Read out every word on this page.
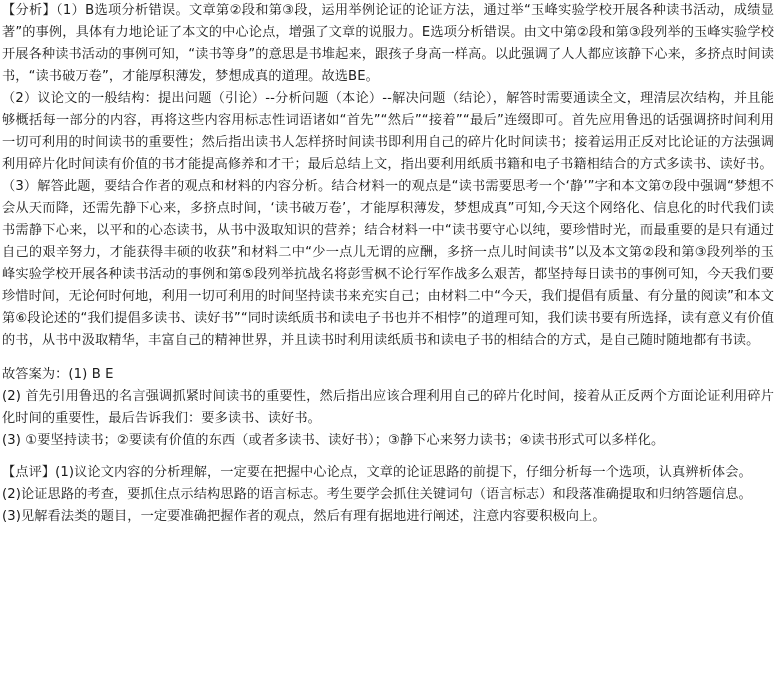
【分析】（1）B选项分析错误。文章第②段和第③段，运用举例论证的论证方法，通过举“玉峰实验学校开展各种读书活动，成绩显著”的事例，具体有力地论证了本文的中心论点，增强了文章的说服力。E选项分析错误。由文中第②段和第③段列举的玉峰实验学校开展各种读书活动的事例可知，“读书等身”的意思是书堆起来，跟孩子身高一样高。以此强调了人人都应该静下心来，多挤点时间读书，“读书破万卷”，才能厚积薄发，梦想成真的道理。故选BE。

（2）议论文的一般结构：提出问题（引论）--分析问题（本论）--解决问题（结论），解答时需要通读全文，理清层次结构，并且能够概括每一部分的内容，再将这些内容用标志性词语诸如“首先”“然后”“接着”“最后”连缀即可。首先应用鲁迅的话强调挤时间利用一切可利用的时间读书的重要性；然后指出读书人怎样挤时间读书即利用自己的碎片化时间读书；接着运用正反对比论证的方法强调利用碎片化时间读有价值的书才能提高修养和才干；最后总结上文，指出要利用纸质书籍和电子书籍相结合的方式多读书、读好书。

（3）解答此题，要结合作者的观点和材料的内容分析。结合材料一的观点是“读书需要思考一个‘静’”字和本文第⑦段中强调“梦想不会从天而降，还需先静下心来，多挤点时间，‘读书破万卷’，才能厚积薄发，梦想成真”可知,今天这个网络化、信息化的时代我们读书需静下心来，以平和的心态读书，从书中汲取知识的营养；结合材料一中“读书要守心以纯，要珍惜时光，而最重要的是只有通过自己的艰辛努力，才能获得丰硕的收获”和材料二中“少一点儿无谓的应酬，多挤一点儿时间读书”以及本文第②段和第③段列举的玉峰实验学校开展各种读书活动的事例和第⑤段列举抗战名将彭雪枫不论行军作战多么艰苦，都坚持每日读书的事例可知，今天我们要珍惜时间，无论何时何地，利用一切可利用的时间坚持读书来充实自己；由材料二中“今天，我们提倡有质量、有分量的阅读”和本文第⑥段论述的“我们提倡多读书、读好书”“同时读纸质书和读电子书也并不相悖”的道理可知，我们读书要有所选择，读有意义有价值的书，从书中汲取精华，丰富自己的精神世界，并且读书时利用读纸质书和读电子书的相结合的方式，是自己随时随地都有书读。

故答案为：(1) B E

(2) 首先引用鲁迅的名言强调抓紧时间读书的重要性，然后指出应该合理利用自己的碎片化时间，接着从正反两个方面论证利用碎片化时间的重要性，最后告诉我们：要多读书、读好书。

(3) ①要坚持读书；②要读有价值的东西（或者多读书、读好书）；③静下心来努力读书；④读书形式可以多样化。

【点评】(1)议论文内容的分析理解，一定要在把握中心论点，文章的论证思路的前提下，仔细分析每一个选项，认真辨析体会。

(2)论证思路的考查，要抓住点示结构思路的语言标志。考生要学会抓住关键词句（语言标志）和段落准确提取和归纳答题信息。

(3)见解看法类的题目，一定要准确把握作者的观点，然后有理有据地进行阐述，注意内容要积极向上。
